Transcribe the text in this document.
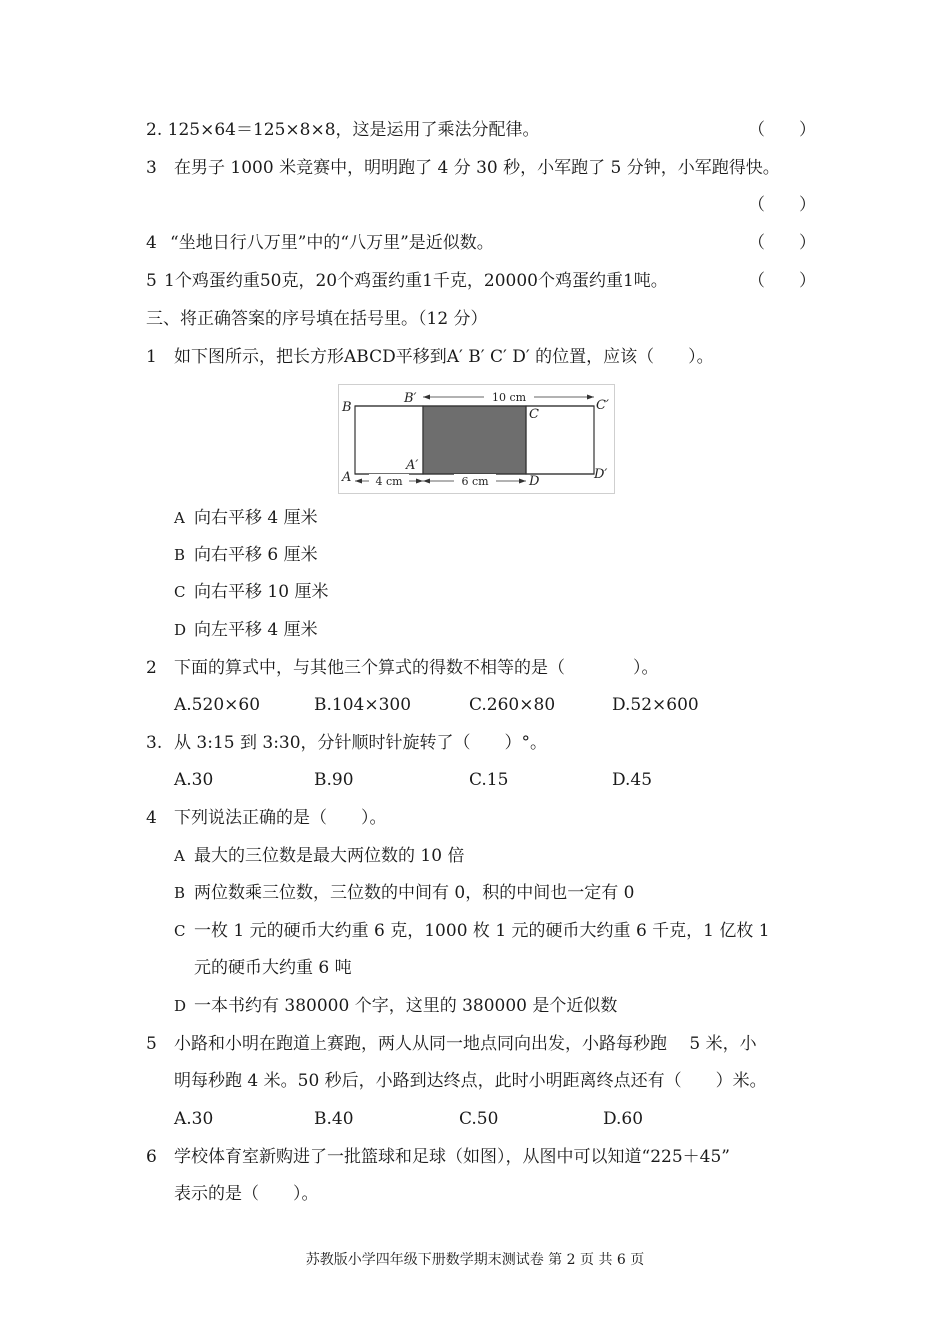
2. 125×64＝125×8×8，这是运用了乘法分配律。	（　　）
3 在男子 1000 米竞赛中，明明跑了 4 分 30 秒，小军跑了 5 分钟，小军跑得快。
（　　）
4 “坐地日行八万里”中的“八万里”是近似数。	（　　）
5 1个鸡蛋约重50克，20个鸡蛋约重1千克，20000个鸡蛋约重1吨。	（　　）
三、将正确答案的序号填在括号里。（12 分）
1 如下图所示，把长方形ABCD平移到A′ B′ C′ D′ 的位置，应该（　　）。
10 cm
4 cm	6 cm
B
B′
C
C′
A
A′
D	D′
A 向右平移 4 厘米
B 向右平移 6 厘米
C 向右平移 10 厘米
D 向左平移 4 厘米
2 下面的算式中，与其他三个算式的得数不相等的是（　　　　）。
A.520×60	B.104×300	C.260×80	D.52×600
3. 从 3:15 到 3:30，分针顺时针旋转了（　　）°。
A.30	B.90	C.15	D.45
4 下列说法正确的是（　　）。
A 最大的三位数是最大两位数的 10 倍
B 两位数乘三位数，三位数的中间有 0，积的中间也一定有 0
C 一枚 1 元的硬币大约重 6 克，1000 枚 1 元的硬币大约重 6 千克，1 亿枚 1
元的硬币大约重 6 吨
D 一本书约有 380000 个字，这里的 380000 是个近似数
5 小路和小明在跑道上赛跑，两人从同一地点同向出发，小路每秒跑　 5 米，小
明每秒跑 4 米。50 秒后，小路到达终点，此时小明距离终点还有（　　）米。
A.30	B.40	C.50	D.60
6 学校体育室新购进了一批篮球和足球（如图），从图中可以知道“225＋45”
表示的是（　　）。
苏教版小学四年级下册数学期末测试卷 第 2 页 共 6 页
